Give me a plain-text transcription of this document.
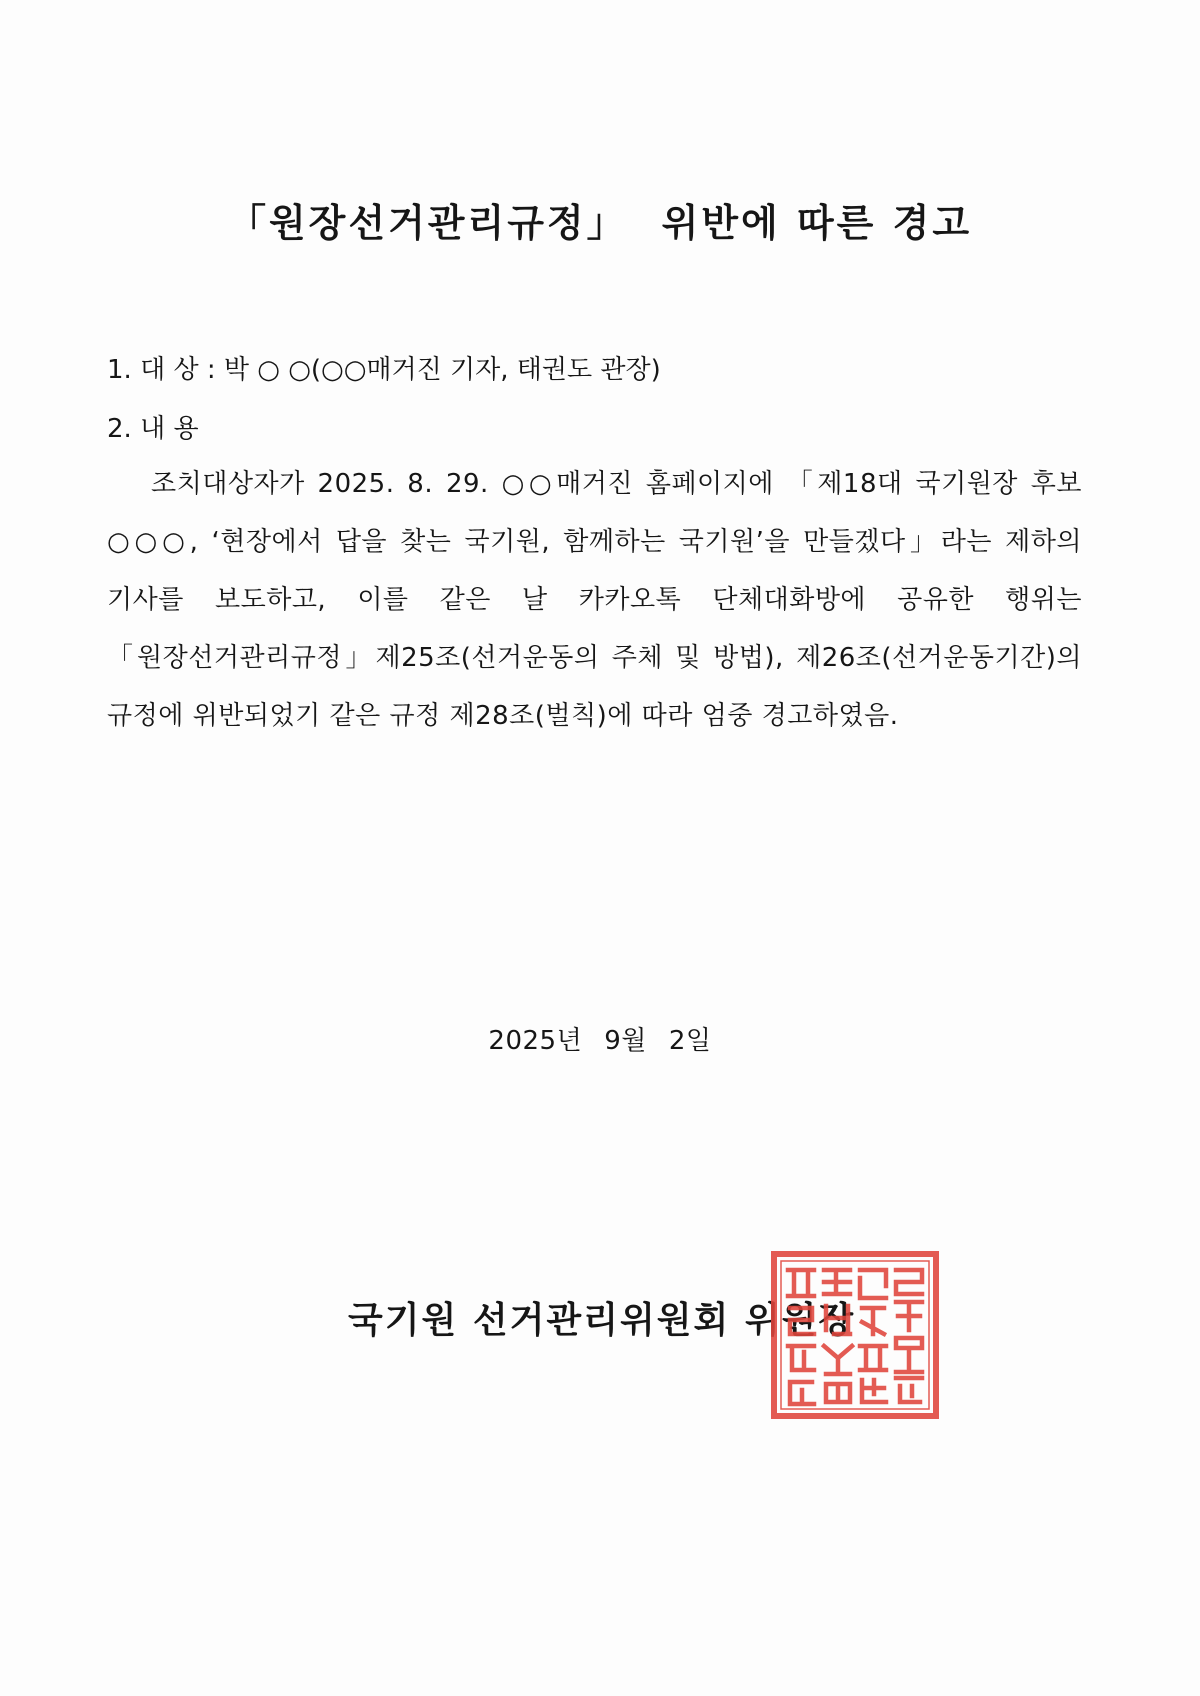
「원장선거관리규정」 위반에 따른 경고
1. 대 상 : 박 ○ ○(○○매거진 기자, 태권도 관장)
2. 내 용

조치대상자가 2025. 8. 29. ○○매거진 홈페이지에 「제18대 국기원장 후보 ○○○, ‘현장에서 답을 찾는 국기원, 함께하는 국기원’을 만들겠다」라는 제하의 기사를 보도하고, 이를 같은 날 카카오톡 단체대화방에 공유한 행위는 「원장선거관리규정」제25조(선거운동의 주체 및 방법), 제26조(선거운동기간)의 규정에 위반되었기 같은 규정 제28조(벌칙)에 따라 엄중 경고하였음.

2025년 9월 2일
국기원 선거관리위원회 위원장
